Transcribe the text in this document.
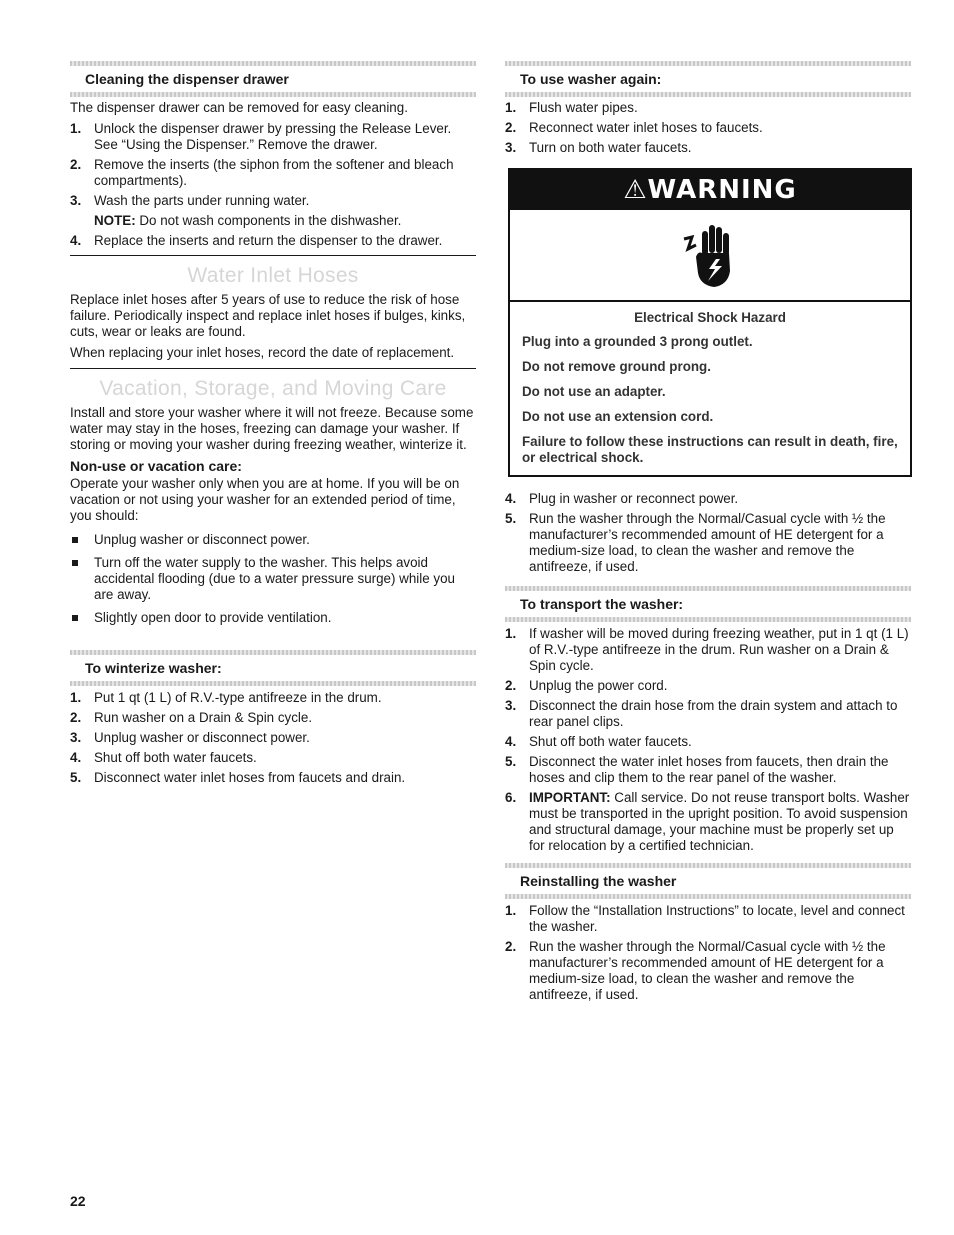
Cleaning the dispenser drawer

The dispenser drawer can be removed for easy cleaning.

1. Unlock the dispenser drawer by pressing the Release Lever. See “Using the Dispenser.” Remove the drawer.
2. Remove the inserts (the siphon from the softener and bleach compartments).
3. Wash the parts under running water.
NOTE: Do not wash components in the dishwasher.
4. Replace the inserts and return the dispenser to the drawer.
Water Inlet Hoses

Replace inlet hoses after 5 years of use to reduce the risk of hose failure. Periodically inspect and replace inlet hoses if bulges, kinks, cuts, wear or leaks are found.

When replacing your inlet hoses, record the date of replacement.

Vacation, Storage, and Moving Care

Install and store your washer where it will not freeze. Because some water may stay in the hoses, freezing can damage your washer. If storing or moving your washer during freezing weather, winterize it.

Non-use or vacation care:

Operate your washer only when you are at home. If you will be on vacation or not using your washer for an extended period of time, you should:

Unplug washer or disconnect power.
Turn off the water supply to the washer. This helps avoid accidental flooding (due to a water pressure surge) while you are away.
Slightly open door to provide ventilation.
To winterize washer:
1. Put 1 qt (1 L) of R.V.-type antifreeze in the drum.
2. Run washer on a Drain & Spin cycle.
3. Unplug washer or disconnect power.
4. Shut off both water faucets.
5. Disconnect water inlet hoses from faucets and drain.
To use washer again:
1. Flush water pipes.
2. Reconnect water inlet hoses to faucets.
3. Turn on both water faucets.
4. Plug in washer or reconnect power.
5. Run the washer through the Normal/Casual cycle with ½ the manufacturer’s recommended amount of HE detergent for a medium-size load, to clean the washer and remove the antifreeze, if used.
To transport the washer:
1. If washer will be moved during freezing weather, put in 1 qt (1 L) of R.V.-type antifreeze in the drum. Run washer on a Drain & Spin cycle.
2. Unplug the power cord.
3. Disconnect the drain hose from the drain system and attach to rear panel clips.
4. Shut off both water faucets.
5. Disconnect the water inlet hoses from faucets, then drain the hoses and clip them to the rear panel of the washer.
6. IMPORTANT: Call service. Do not reuse transport bolts. Washer must be transported in the upright position. To avoid suspension and structural damage, your machine must be properly set up for relocation by a certified technician.
Reinstalling the washer
1. Follow the “Installation Instructions” to locate, level and connect the washer.
2. Run the washer through the Normal/Casual cycle with ½ the manufacturer’s recommended amount of HE detergent for a medium-size load, to clean the washer and remove the antifreeze, if used.
⚠WARNING
Electrical Shock Hazard
Plug into a grounded 3 prong outlet.
Do not remove ground prong.
Do not use an adapter.
Do not use an extension cord.
Failure to follow these instructions can result in death, fire, or electrical shock.
22
